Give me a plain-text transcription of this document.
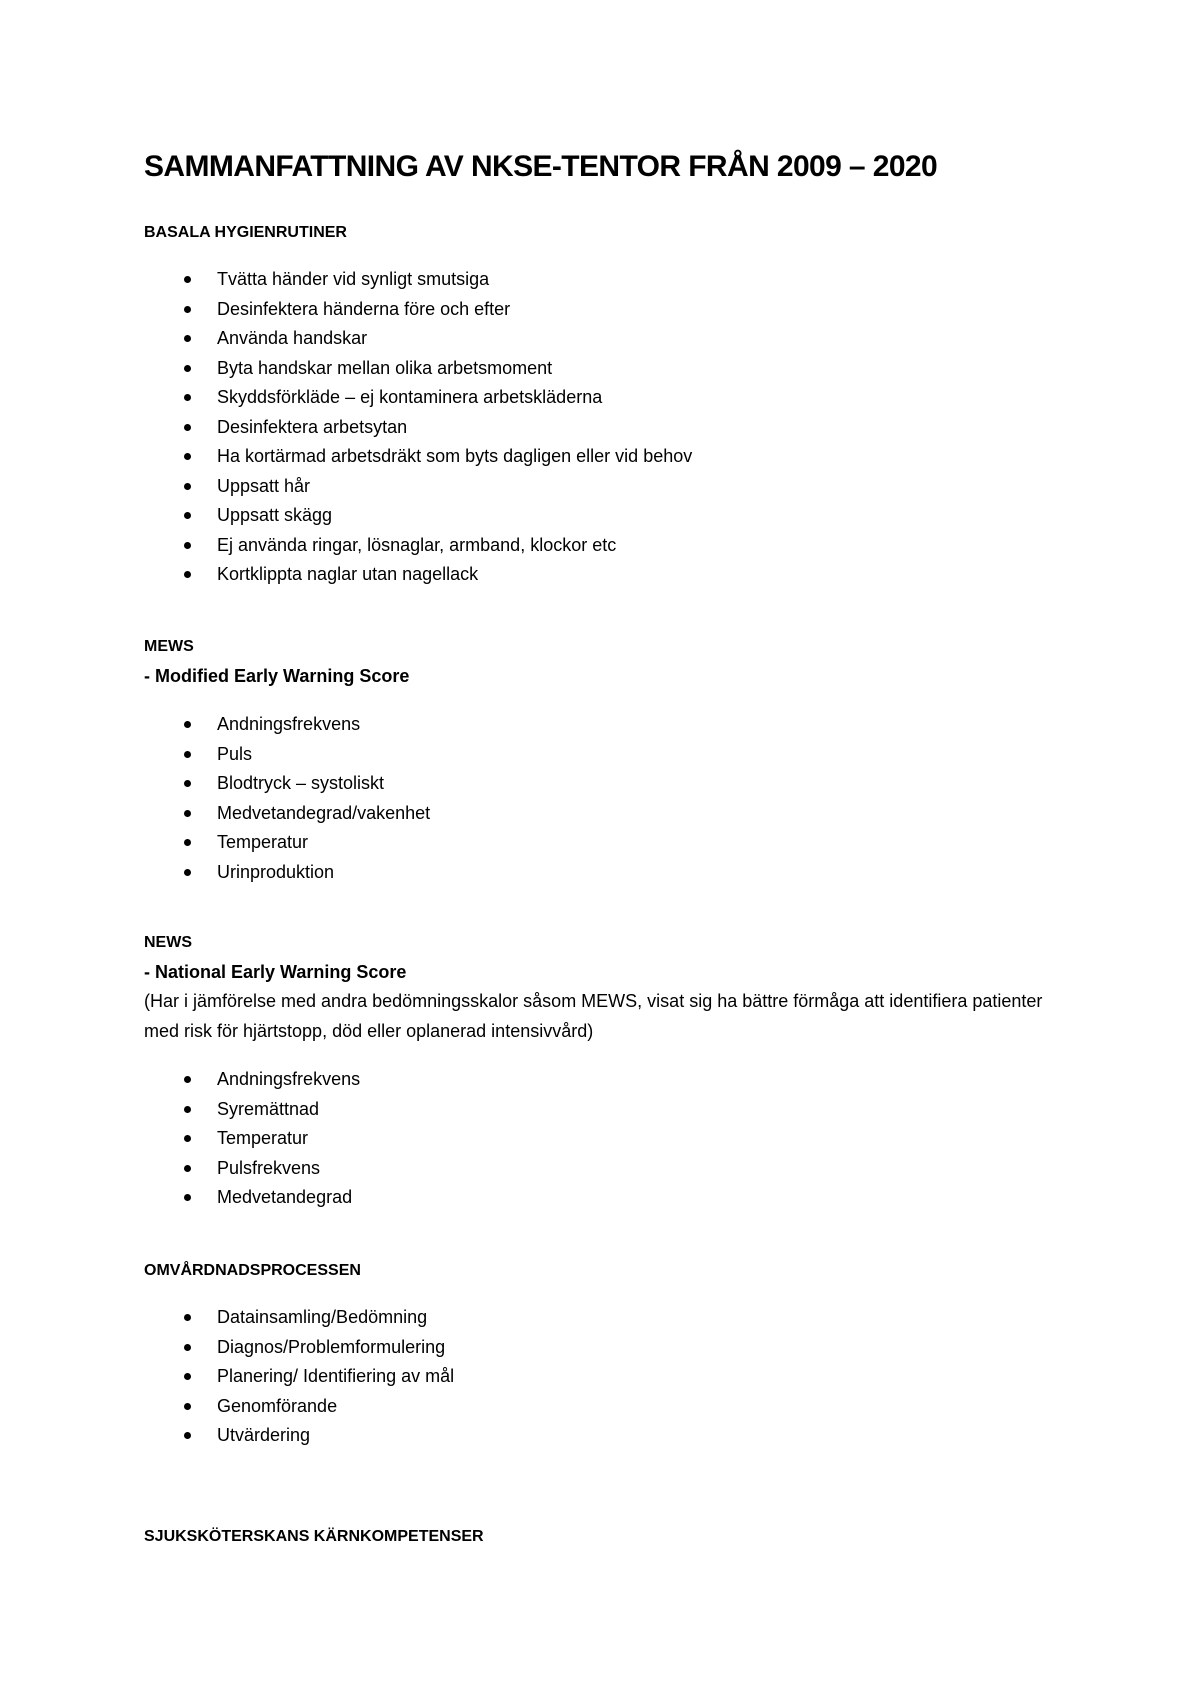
SAMMANFATTNING AV NKSE-TENTOR FRÅN 2009 – 2020
BASALA HYGIENRUTINER
Tvätta händer vid synligt smutsiga
Desinfektera händerna före och efter
Använda handskar
Byta handskar mellan olika arbetsmoment
Skyddsförkläde – ej kontaminera arbetskläderna
Desinfektera arbetsytan
Ha kortärmad arbetsdräkt som byts dagligen eller vid behov
Uppsatt hår
Uppsatt skägg
Ej använda ringar, lösnaglar, armband, klockor etc
Kortklippta naglar utan nagellack
MEWS
- Modified Early Warning Score
Andningsfrekvens
Puls
Blodtryck – systoliskt
Medvetandegrad/vakenhet
Temperatur
Urinproduktion
NEWS
- National Early Warning Score
(Har i jämförelse med andra bedömningsskalor såsom MEWS, visat sig ha bättre förmåga att identifiera patienter med risk för hjärtstopp, död eller oplanerad intensivvård)
Andningsfrekvens
Syremättnad
Temperatur
Pulsfrekvens
Medvetandegrad
OMVÅRDNADSPROCESSEN
Datainsamling/Bedömning
Diagnos/Problemformulering
Planering/ Identifiering av mål
Genomförande
Utvärdering
SJUKSKÖTERSKANS KÄRNKOMPETENSER
